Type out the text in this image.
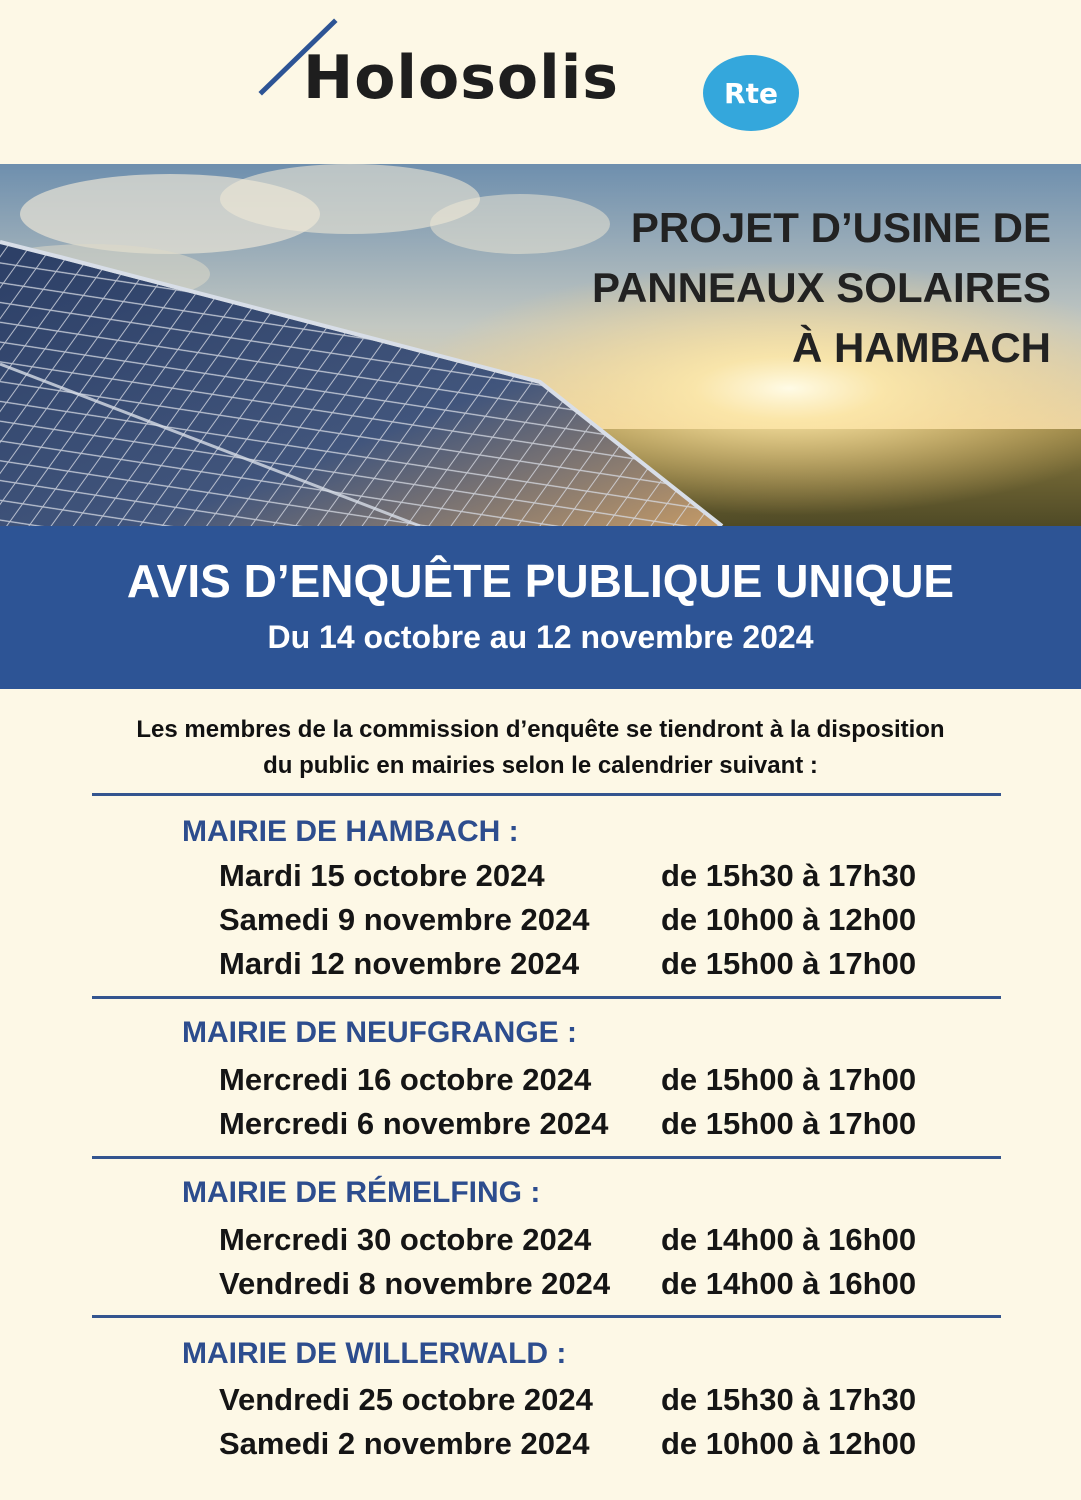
Holosolis	Rte
PROJET D’USINE DE
PANNEAUX SOLAIRES
À HAMBACH
AVIS D’ENQUÊTE PUBLIQUE UNIQUE
Du 14 octobre au 12 novembre 2024
Les membres de la commission d’enquête se tiendront à la disposition
du public en mairies selon le calendrier suivant :
MAIRIE DE HAMBACH :
Mardi 15 octobre 2024	de 15h30 à 17h30
Samedi 9 novembre 2024 de 10h00 à 12h00
Mardi 12 novembre 2024	de 15h00 à 17h00
MAIRIE DE NEUFGRANGE :
Mercredi 16 octobre 2024 de 15h00 à 17h00
Mercredi 6 novembre 2024 de 15h00 à 17h00
MAIRIE DE RÉMELFING :
Mercredi 30 octobre 2024 de 14h00 à 16h00
Vendredi 8 novembre 2024 de 14h00 à 16h00
MAIRIE DE WILLERWALD :
Vendredi 25 octobre 2024 de 15h30 à 17h30
Samedi 2 novembre 2024 de 10h00 à 12h00
